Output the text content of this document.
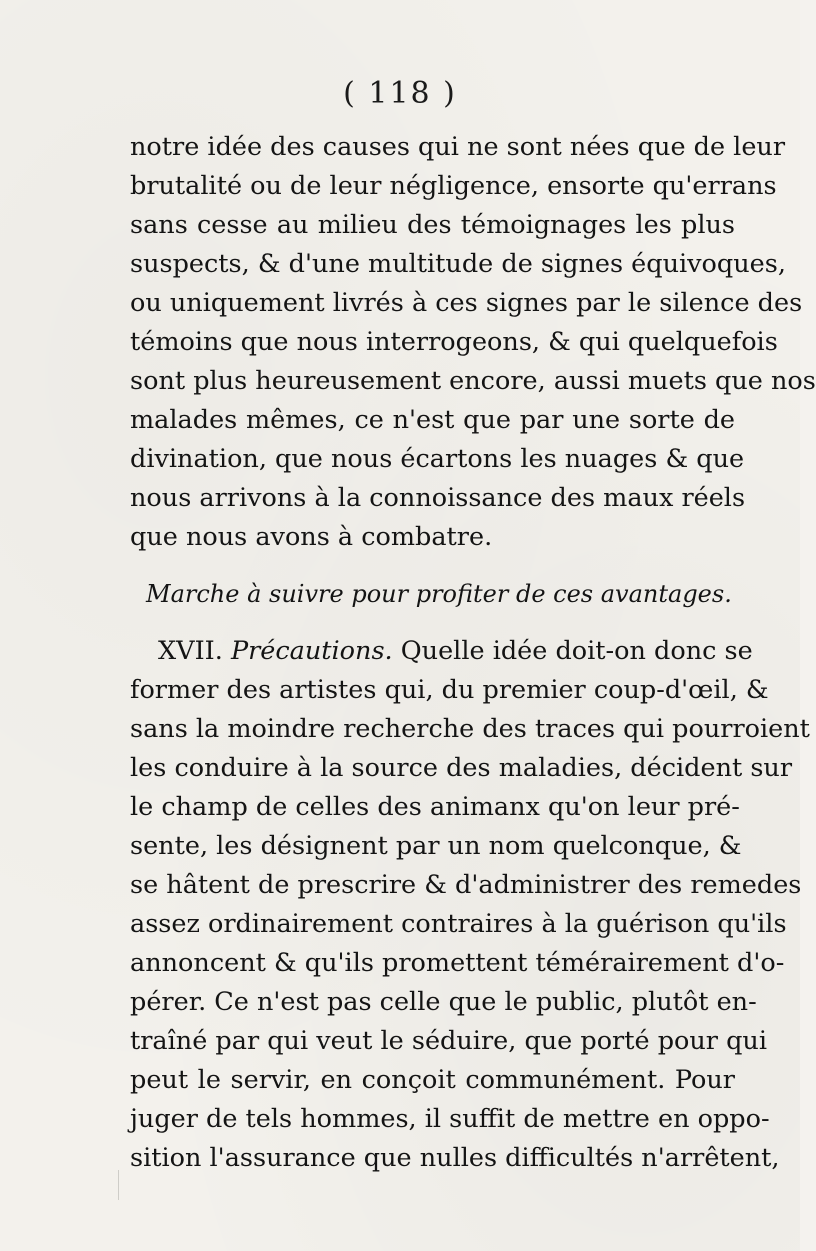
( 118 )
notre idée des causes qui ne sont nées que de leur
brutalité ou de leur négligence, ensorte qu'errans
sans cesse au milieu des témoignages les plus
suspects, & d'une multitude de signes équivoques,
ou uniquement livrés à ces signes par le silence des
témoins que nous interrogeons, & qui quelquefois
sont plus heureusement encore, aussi muets que nos
malades mêmes, ce n'est que par une sorte de
divination, que nous écartons les nuages & que
nous arrivons à la connoissance des maux réels
que nous avons à combatre.
Marche à suivre pour profiter de ces avantages.
XVII. Précautions. Quelle idée doit-on donc se
former des artistes qui, du premier coup-d'œil, &
sans la moindre recherche des traces qui pourroient
les conduire à la source des maladies, décident sur
le champ de celles des animanx qu'on leur pré-
sente, les désignent par un nom quelconque, &
se hâtent de prescrire & d'administrer des remedes
assez ordinairement contraires à la guérison qu'ils
annoncent & qu'ils promettent témérairement d'o-
pérer. Ce n'est pas celle que le public, plutôt en-
traîné par qui veut le séduire, que porté pour qui
peut le servir, en conçoit communément. Pour
juger de tels hommes, il suffit de mettre en oppo-
sition l'assurance que nulles difficultés n'arrêtent,
